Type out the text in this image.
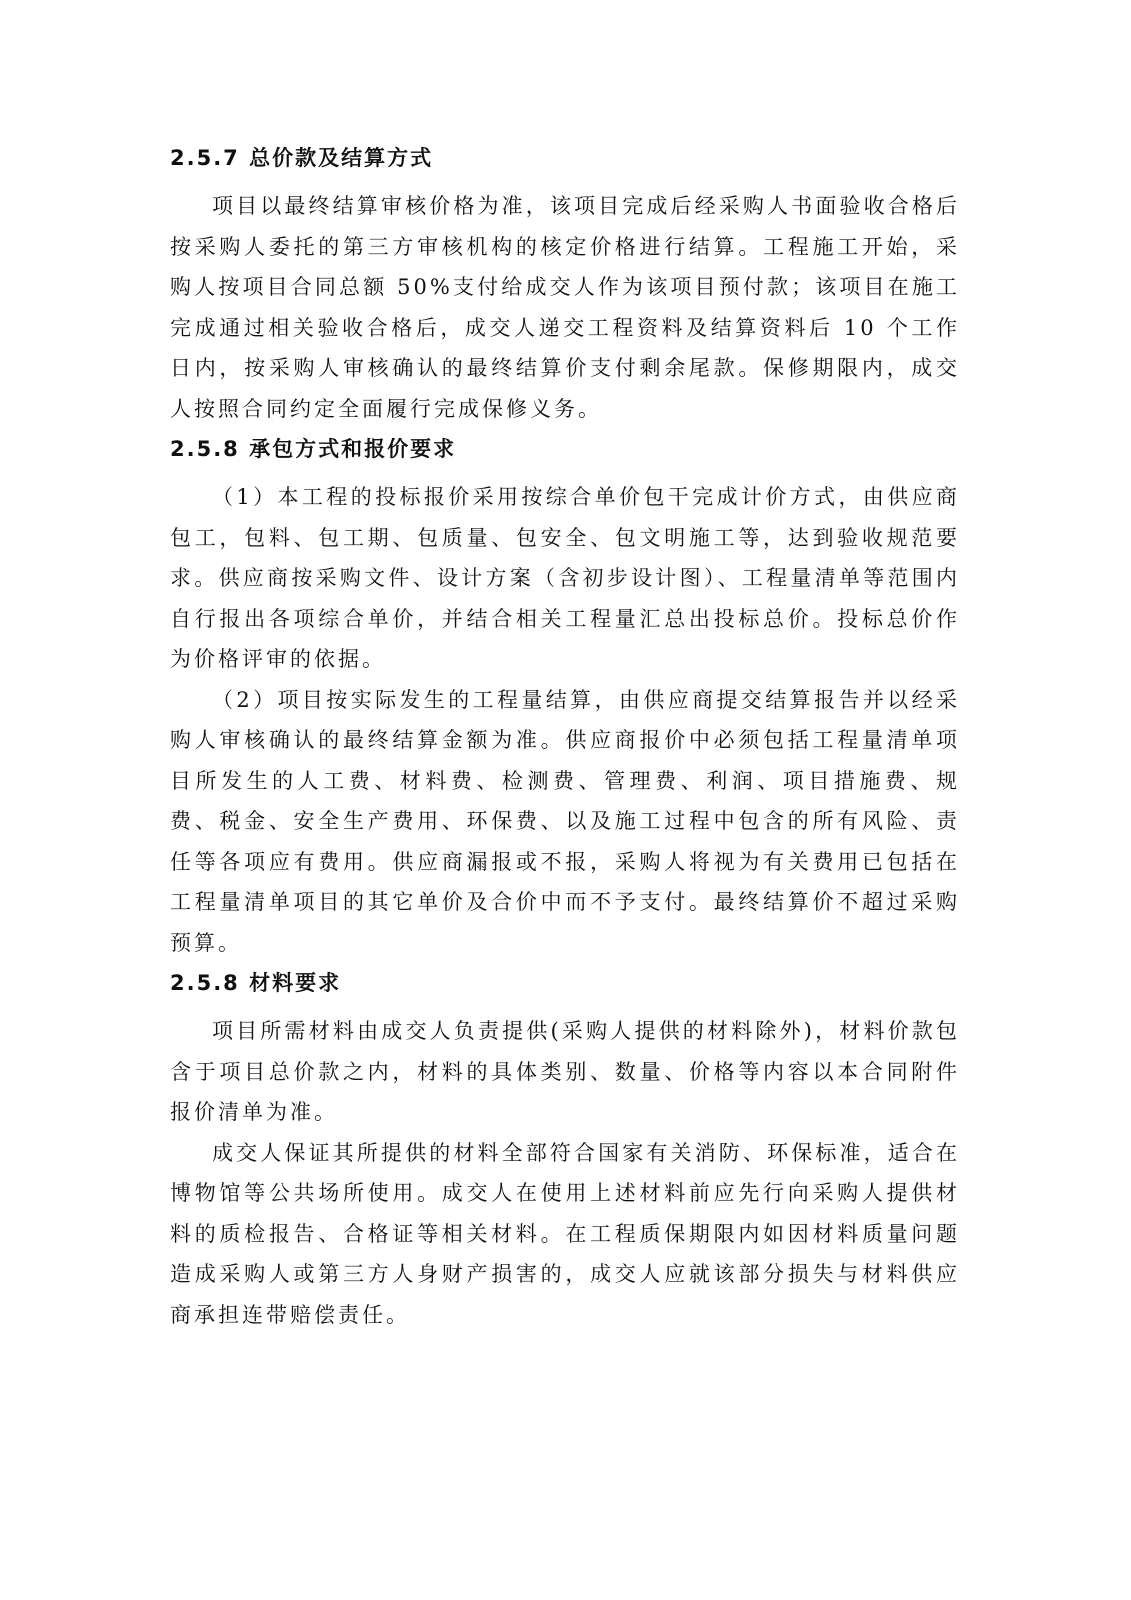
2.5.7 总价款及结算方式

项目以最终结算审核价格为准，该项目完成后经采购人书面验收合格后按采购人委托的第三方审核机构的核定价格进行结算。工程施工开始，采购人按项目合同总额 50%支付给成交人作为该项目预付款；该项目在施工完成通过相关验收合格后，成交人递交工程资料及结算资料后 10 个工作日内，按采购人审核确认的最终结算价支付剩余尾款。保修期限内，成交人按照合同约定全面履行完成保修义务。

2.5.8 承包方式和报价要求

（1）本工程的投标报价采用按综合单价包干完成计价方式，由供应商包工，包料、包工期、包质量、包安全、包文明施工等，达到验收规范要求。供应商按采购文件、设计方案（含初步设计图）、工程量清单等范围内自行报出各项综合单价，并结合相关工程量汇总出投标总价。投标总价作为价格评审的依据。

（2）项目按实际发生的工程量结算，由供应商提交结算报告并以经采购人审核确认的最终结算金额为准。供应商报价中必须包括工程量清单项目所发生的人工费、材料费、检测费、管理费、利润、项目措施费、规费、税金、安全生产费用、环保费、以及施工过程中包含的所有风险、责任等各项应有费用。供应商漏报或不报，采购人将视为有关费用已包括在工程量清单项目的其它单价及合价中而不予支付。最终结算价不超过采购预算。

2.5.8 材料要求

项目所需材料由成交人负责提供(采购人提供的材料除外)，材料价款包含于项目总价款之内，材料的具体类别、数量、价格等内容以本合同附件报价清单为准。

成交人保证其所提供的材料全部符合国家有关消防、环保标准，适合在博物馆等公共场所使用。成交人在使用上述材料前应先行向采购人提供材料的质检报告、合格证等相关材料。在工程质保期限内如因材料质量问题造成采购人或第三方人身财产损害的，成交人应就该部分损失与材料供应商承担连带赔偿责任。
